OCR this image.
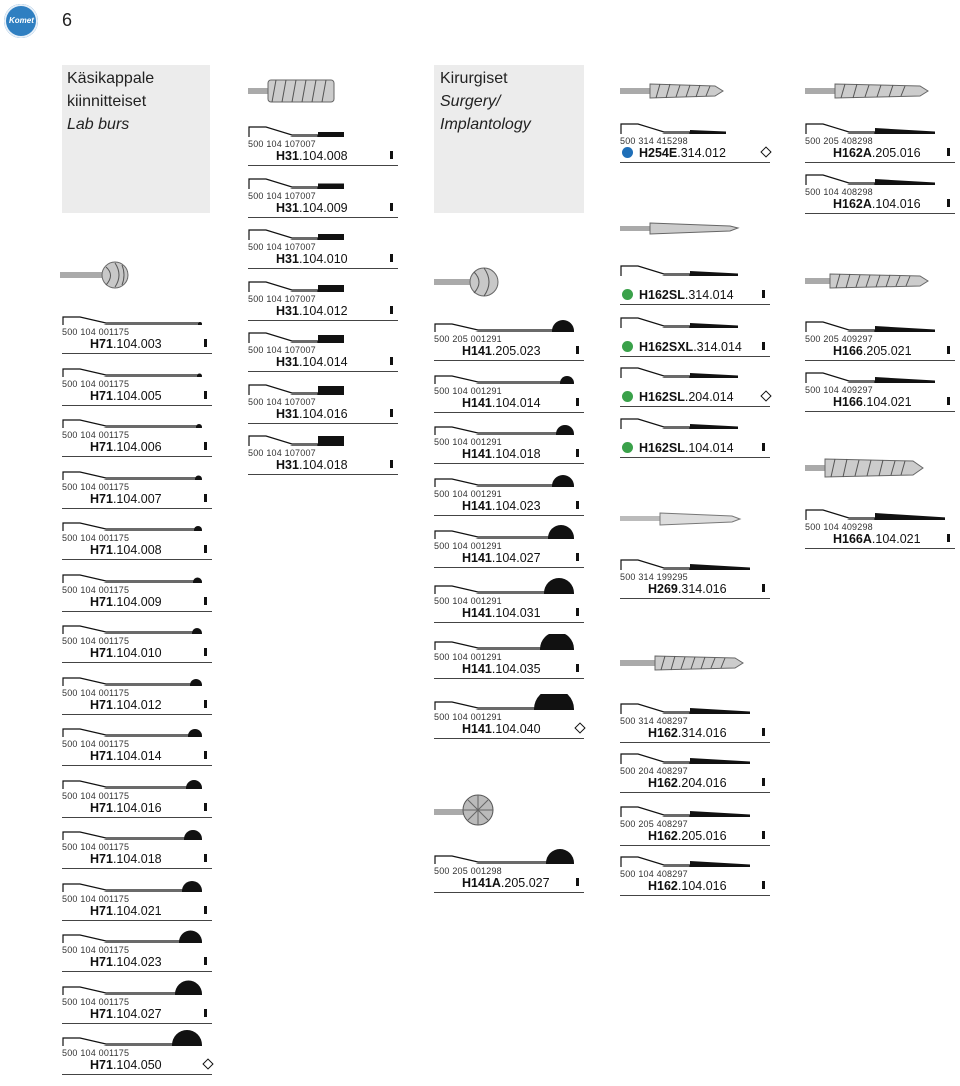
Komet 6
Käsikappale
kiinnitteiset
Lab burs
Kirurgiset
Surgery/
Implantology
500 104 001175
H71.104.003
500 104 001175
H71.104.005
500 104 001175
H71.104.006
500 104 001175
H71.104.007
500 104 001175
H71.104.008
500 104 001175
H71.104.009
500 104 001175
H71.104.010
500 104 001175
H71.104.012
500 104 001175
H71.104.014
500 104 001175
H71.104.016
500 104 001175
H71.104.018
500 104 001175
H71.104.021
500 104 001175
H71.104.023
500 104 001175
H71.104.027
500 104 001175
H71.104.050
500 104 107007
H31.104.008
500 104 107007
H31.104.009
500 104 107007
H31.104.010
500 104 107007
H31.104.012
500 104 107007
H31.104.014
500 104 107007
H31.104.016
500 104 107007
H31.104.018
500 205 001291
H141.205.023
500 104 001291
H141.104.014
500 104 001291
H141.104.018
500 104 001291
H141.104.023
500 104 001291
H141.104.027
500 104 001291
H141.104.031
500 104 001291
H141.104.035
500 104 001291
H141.104.040
500 205 001298
H141A.205.027
500 314 415298
H254E.314.012
H162SL.314.014
H162SXL.314.014
H162SL.204.014
H162SL.104.014
500 314 199295
H269.314.016
500 314 408297
H162.314.016
500 204 408297
H162.204.016
500 205 408297
H162.205.016
500 104 408297
H162.104.016
500 205 408298
H162A.205.016
500 104 408298
H162A.104.016
500 205 409297
H166.205.021
500 104 409297
H166.104.021
500 104 409298
H166A.104.021
